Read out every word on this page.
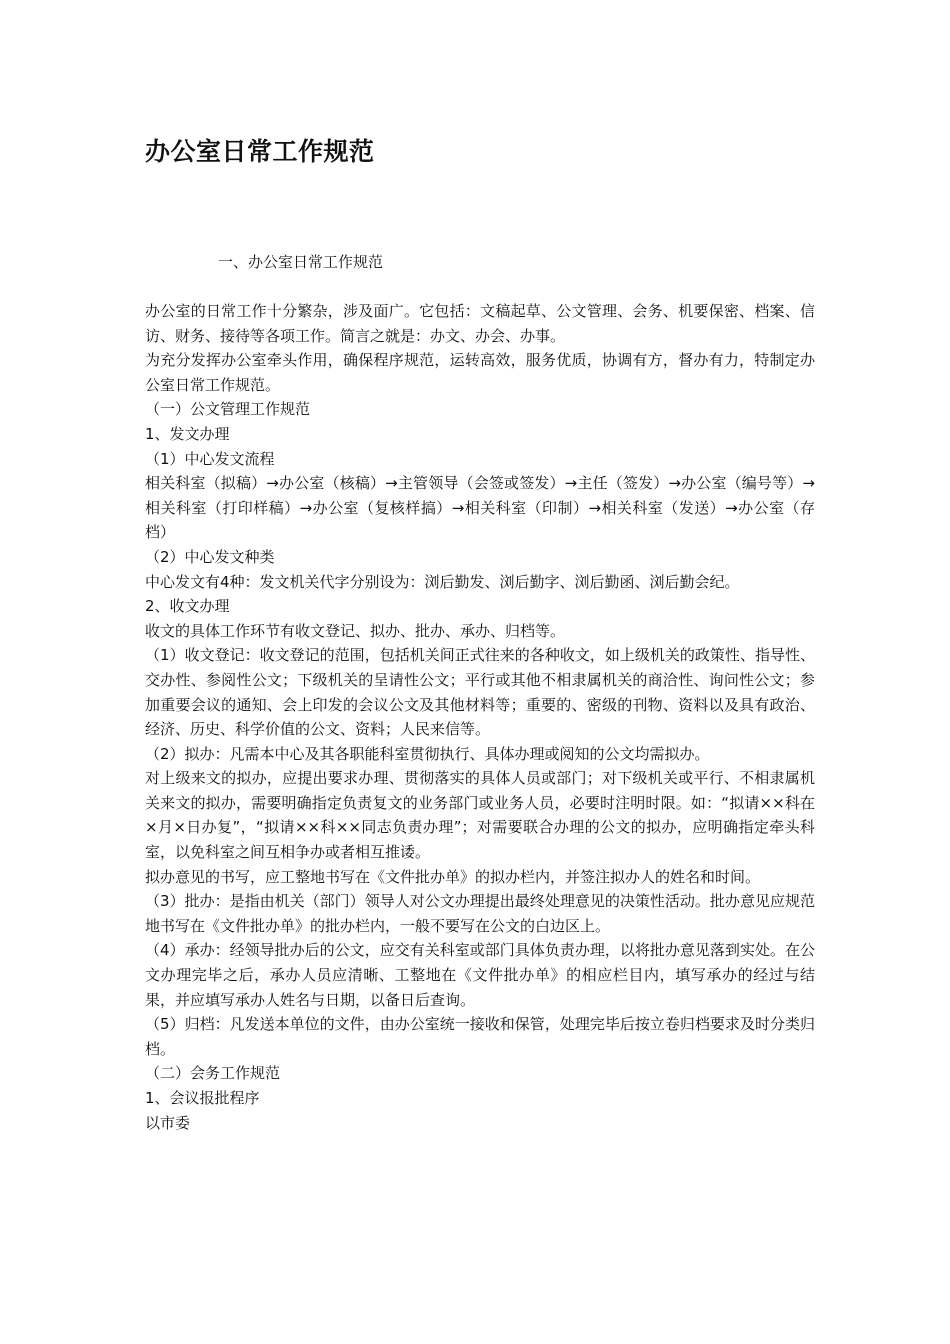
办公室日常工作规范
一、办公室日常工作规范

办公室的日常工作十分繁杂，涉及面广。它包括：文稿起草、公文管理、会务、机要保密、档案、信访、财务、接待等各项工作。简言之就是：办文、办会、办事。

为充分发挥办公室牵头作用，确保程序规范，运转高效，服务优质，协调有方，督办有力，特制定办公室日常工作规范。

（一）公文管理工作规范

1、发文办理

（1）中心发文流程

相关科室（拟稿）→办公室（核稿）→主管领导（会签或签发）→主任（签发）→办公室（编号等）→相关科室（打印样稿）→办公室（复核样搞）→相关科室（印制）→相关科室（发送）→办公室（存档）

（2）中心发文种类

中心发文有4种：发文机关代字分别设为：浏后勤发、浏后勤字、浏后勤函、浏后勤会纪。

2、收文办理

收文的具体工作环节有收文登记、拟办、批办、承办、归档等。

（1）收文登记：收文登记的范围，包括机关间正式往来的各种收文，如上级机关的政策性、指导性、交办性、参阅性公文；下级机关的呈请性公文；平行或其他不相隶属机关的商洽性、询问性公文；参加重要会议的通知、会上印发的会议公文及其他材料等；重要的、密级的刊物、资料以及具有政治、经济、历史、科学价值的公文、资料；人民来信等。

（2）拟办：凡需本中心及其各职能科室贯彻执行、具体办理或阅知的公文均需拟办。

对上级来文的拟办，应提出要求办理、贯彻落实的具体人员或部门；对下级机关或平行、不相隶属机关来文的拟办，需要明确指定负责复文的业务部门或业务人员，必要时注明时限。如：“拟请××科在×月×日办复”，“拟请××科××同志负责办理”；对需要联合办理的公文的拟办，应明确指定牵头科室，以免科室之间互相争办或者相互推诿。

拟办意见的书写，应工整地书写在《文件批办单》的拟办栏内，并签注拟办人的姓名和时间。

（3）批办：是指由机关（部门）领导人对公文办理提出最终处理意见的决策性活动。批办意见应规范地书写在《文件批办单》的批办栏内，一般不要写在公文的白边区上。

（4）承办：经领导批办后的公文，应交有关科室或部门具体负责办理，以将批办意见落到实处。在公文办理完毕之后，承办人员应清晰、工整地在《文件批办单》的相应栏目内，填写承办的经过与结果，并应填写承办人姓名与日期，以备日后查询。

（5）归档：凡发送本单位的文件，由办公室统一接收和保管，处理完毕后按立卷归档要求及时分类归档。

（二）会务工作规范

1、会议报批程序

以市委
